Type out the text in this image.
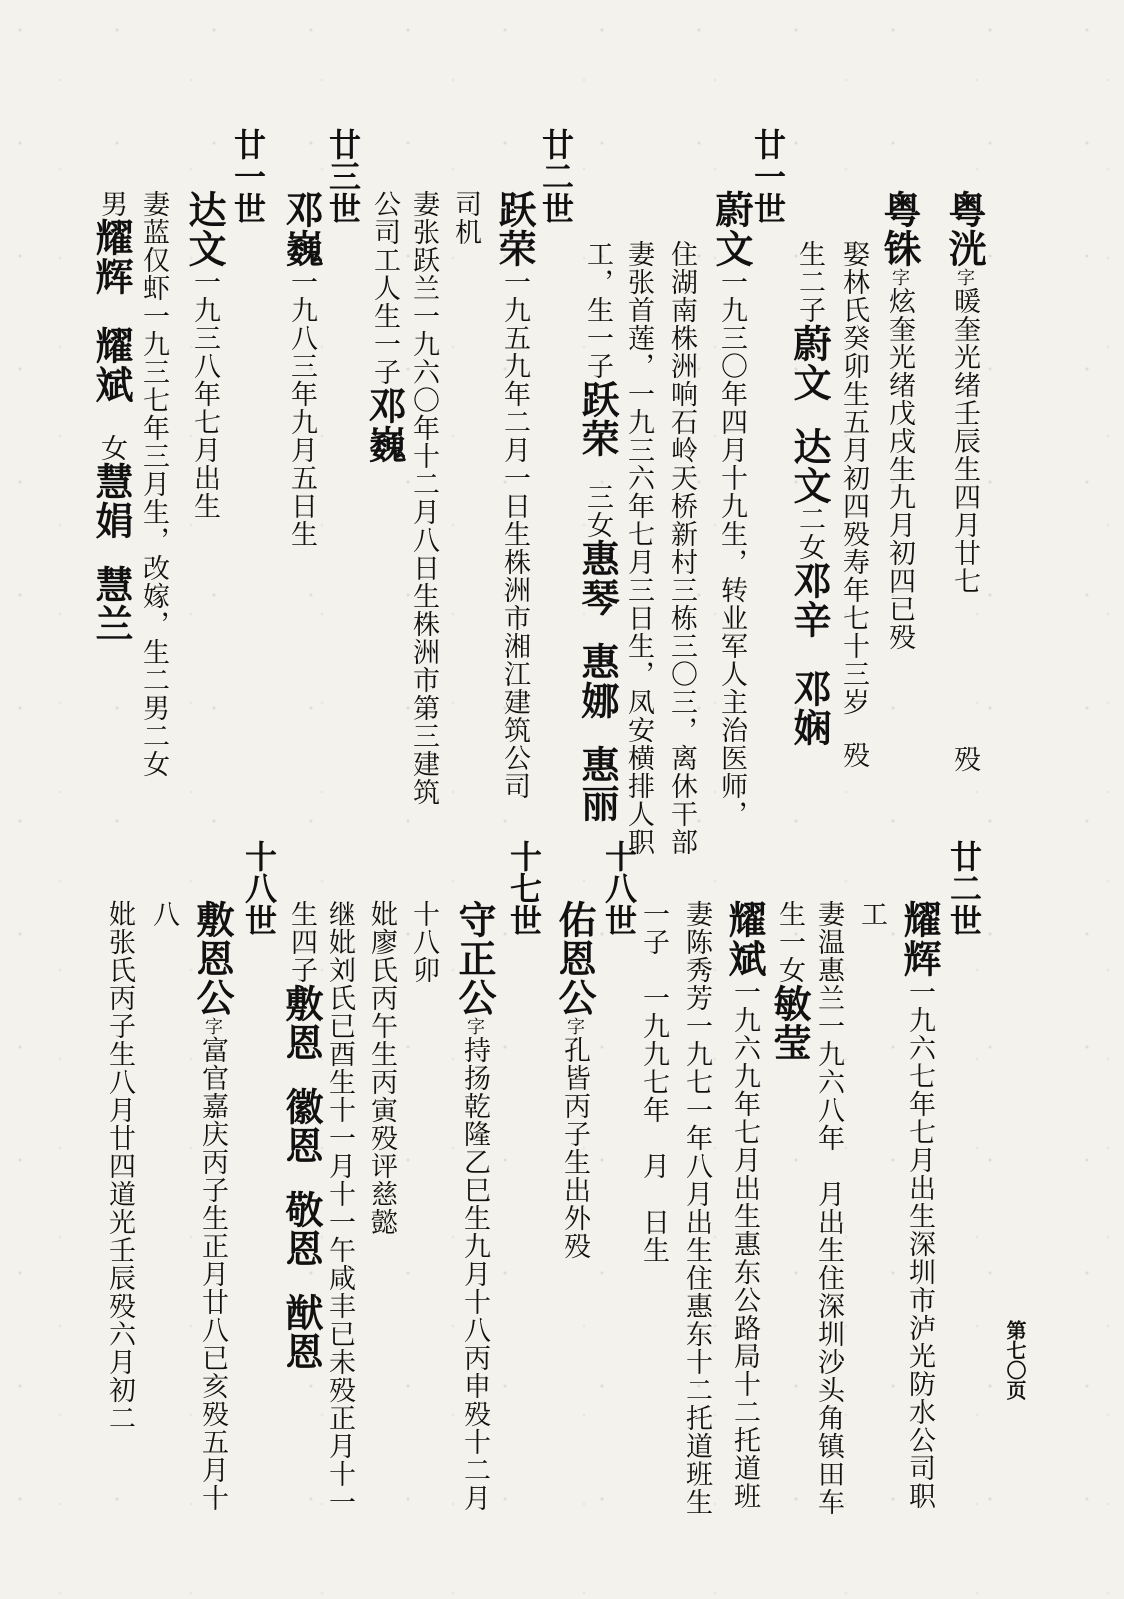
粤洸字暖奎光绪壬辰生四月廿七殁
粤铢字炫奎光绪戊戌生九月初四已殁
娶林氏癸卯生五月初四殁寿年七十三岁殁
生二子蔚文达文二女邓辛邓娴
廿一世
蔚文一九三〇年四月十九生，转业军人主治医师，
住湖南株洲响石岭天桥新村三栋三〇三，离休干部
妻张首莲，一九三六年七月三日生，凤安横排人职
工，生一子跃荣三女惠琴惠娜惠丽
廿二世
跃荣一九五九年二月一日生株洲市湘江建筑公司
司机
妻张跃兰一九六〇年十二月八日生株洲市第三建筑
公司工人生一子邓巍
廿三世
邓巍一九八三年九月五日生
廿一世
达文一九三八年七月出生
妻蓝仅虾一九三七年三月生，改嫁，生二男二女
男耀辉耀斌女慧娟慧兰
廿二世
耀辉一九六七年七月出生深圳市泸光防水公司职
工
妻温惠兰一九六八年　月出生住深圳沙头角镇田车
生一女敏莹
耀斌一九六九年七月出生惠东公路局十二托道班
妻陈秀芳一九七一年八月出生住惠东十二托道班生
一子　一九九七年　月　日生
十八世
佑恩公字孔皆丙子生出外殁
十七世
守正公字持扬乾隆乙巳生九月十八丙申殁十二月
十八卯
妣廖氏丙午生丙寅殁评慈懿
继妣刘氏已酉生十一月十一午咸丰已未殁正月十一
生四子敷恩徽恩敬恩猷恩
十八世
敷恩公字富官嘉庆丙子生正月廿八已亥殁五月十
八
妣张氏丙子生八月廿四道光壬辰殁六月初二	第七〇页
